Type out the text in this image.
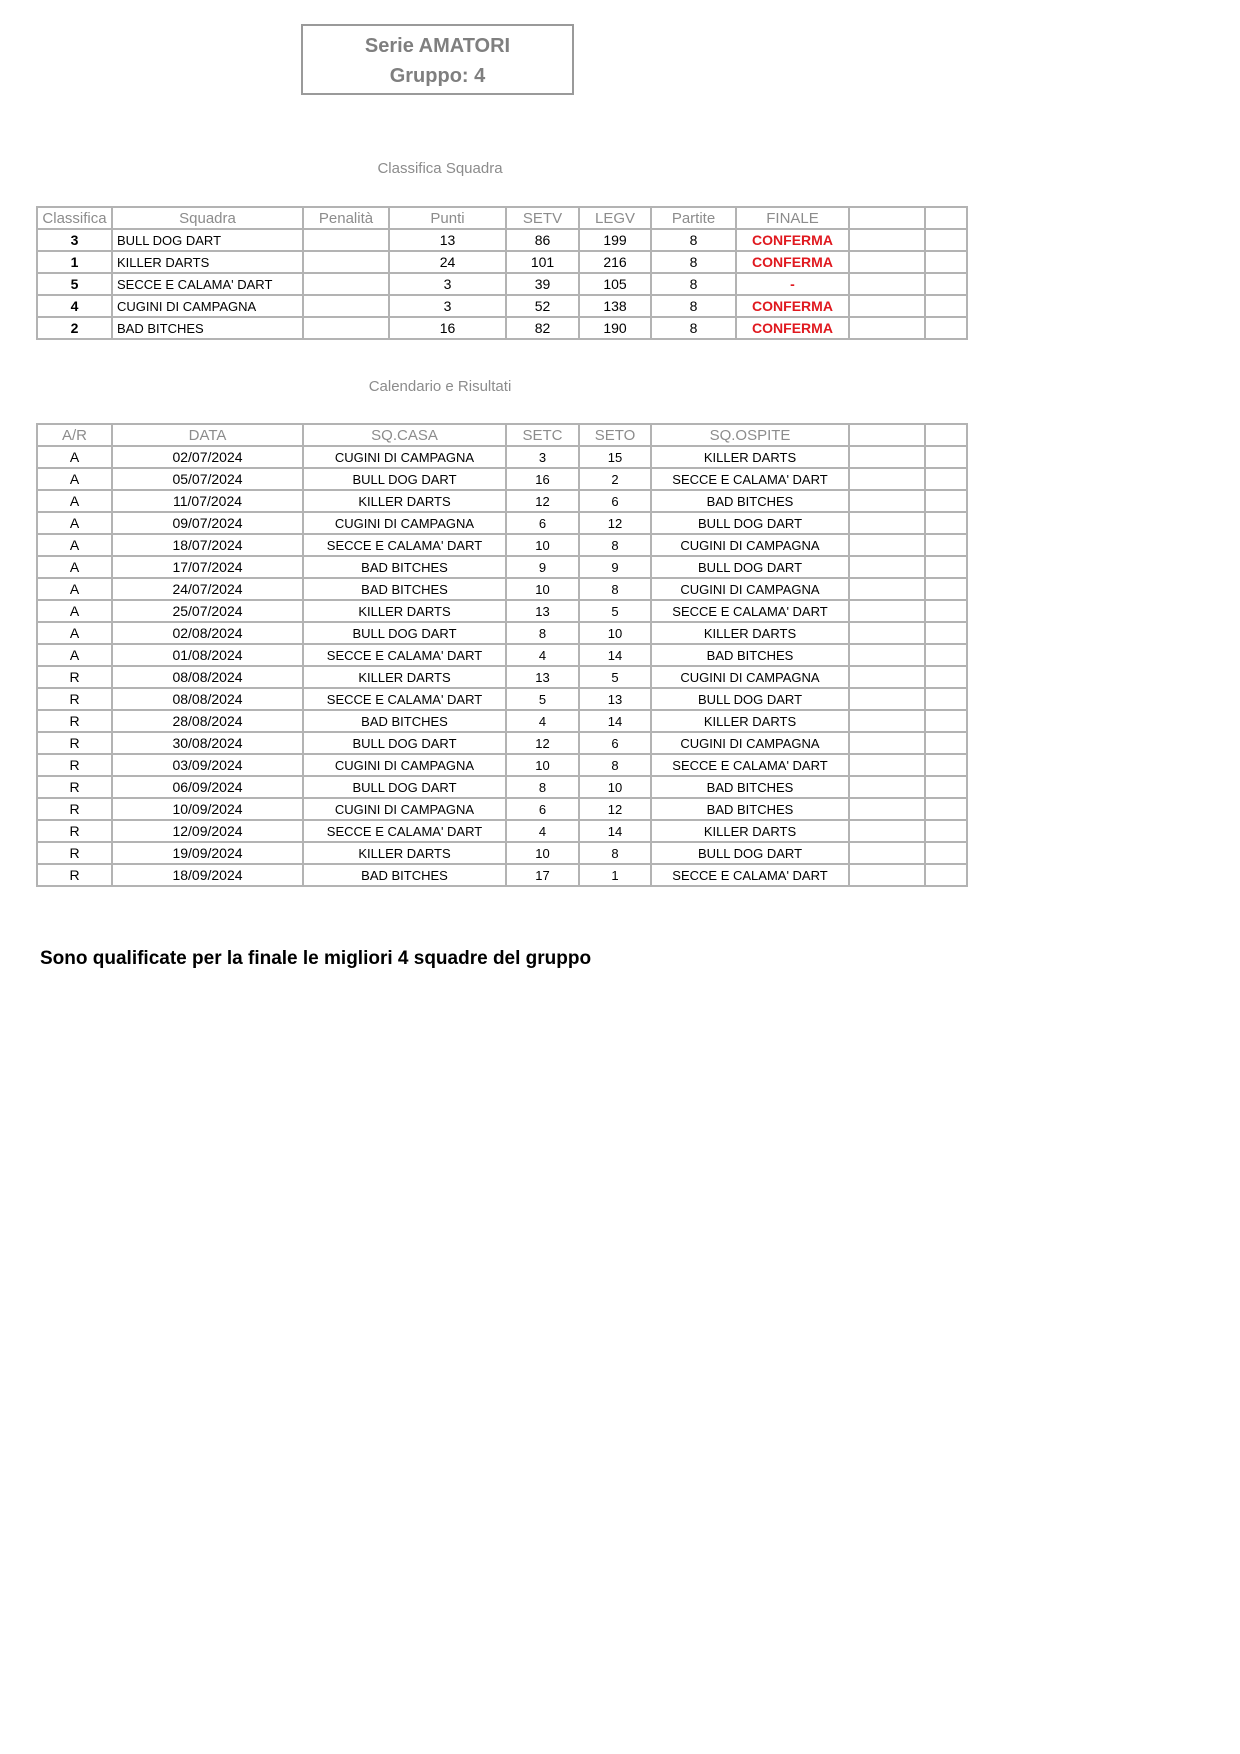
Serie AMATORI
Gruppo: 4
Classifica Squadra
Classifica	Squadra	Penalità	Punti	SETV	LEGV	Partite	FINALE		
3	BULL DOG DART		13	86	199	8	CONFERMA		
1	KILLER DARTS		24	101	216	8	CONFERMA		
5	SECCE E CALAMA' DART		3	39	105	8	-		
4	CUGINI DI CAMPAGNA		3	52	138	8	CONFERMA		
2	BAD BITCHES		16	82	190	8	CONFERMA		
Calendario e Risultati
A/R	DATA	SQ.CASA	SETC	SETO	SQ.OSPITE		
A	02/07/2024	CUGINI DI CAMPAGNA	3	15	KILLER DARTS		
A	05/07/2024	BULL DOG DART	16	2	SECCE E CALAMA' DART		
A	11/07/2024	KILLER DARTS	12	6	BAD BITCHES		
A	09/07/2024	CUGINI DI CAMPAGNA	6	12	BULL DOG DART		
A	18/07/2024	SECCE E CALAMA' DART	10	8	CUGINI DI CAMPAGNA		
A	17/07/2024	BAD BITCHES	9	9	BULL DOG DART		
A	24/07/2024	BAD BITCHES	10	8	CUGINI DI CAMPAGNA		
A	25/07/2024	KILLER DARTS	13	5	SECCE E CALAMA' DART		
A	02/08/2024	BULL DOG DART	8	10	KILLER DARTS		
A	01/08/2024	SECCE E CALAMA' DART	4	14	BAD BITCHES		
R	08/08/2024	KILLER DARTS	13	5	CUGINI DI CAMPAGNA		
R	08/08/2024	SECCE E CALAMA' DART	5	13	BULL DOG DART		
R	28/08/2024	BAD BITCHES	4	14	KILLER DARTS		
R	30/08/2024	BULL DOG DART	12	6	CUGINI DI CAMPAGNA		
R	03/09/2024	CUGINI DI CAMPAGNA	10	8	SECCE E CALAMA' DART		
R	06/09/2024	BULL DOG DART	8	10	BAD BITCHES		
R	10/09/2024	CUGINI DI CAMPAGNA	6	12	BAD BITCHES		
R	12/09/2024	SECCE E CALAMA' DART	4	14	KILLER DARTS		
R	19/09/2024	KILLER DARTS	10	8	BULL DOG DART		
R	18/09/2024	BAD BITCHES	17	1	SECCE E CALAMA' DART		
Sono qualificate per la finale le migliori 4 squadre del gruppo
